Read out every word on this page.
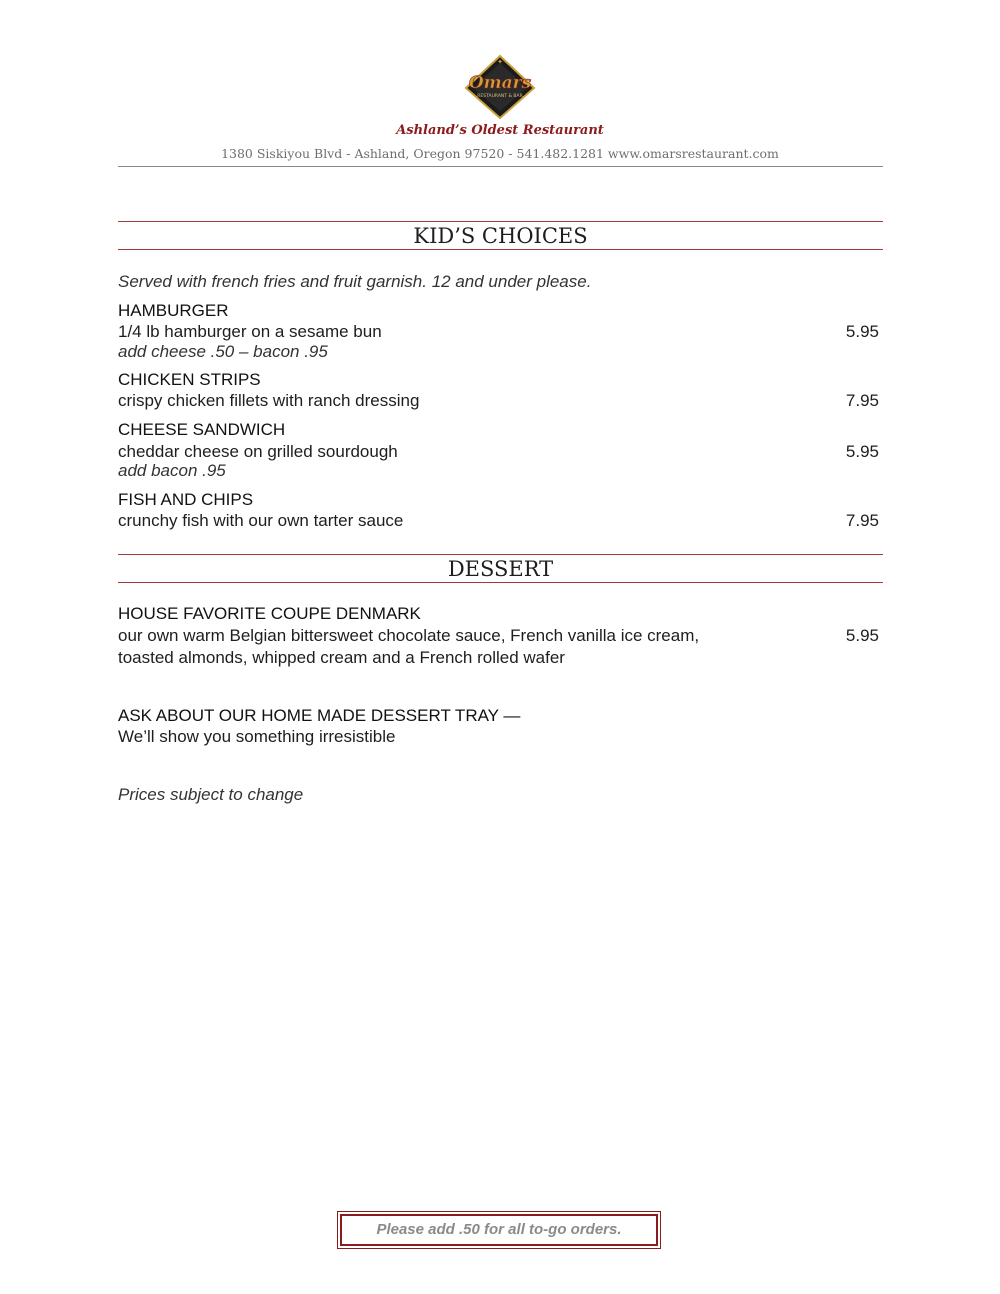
✦
Omars
RESTAURANT & BAR
Ashland’s Oldest Restaurant
1380 Siskiyou Blvd - Ashland, Oregon 97520 - 541.482.1281 www.omarsrestaurant.com
KID’S CHOICES
Served with french fries and fruit garnish. 12 and under please.
HAMBURGER
1/4 lb hamburger on a sesame bun	5.95
add cheese .50 – bacon .95
CHICKEN STRIPS
crispy chicken fillets with ranch dressing	7.95
CHEESE SANDWICH
cheddar cheese on grilled sourdough	5.95
add bacon .95
FISH AND CHIPS
crunchy fish with our own tarter sauce	7.95
DESSERT
HOUSE FAVORITE COUPE DENMARK
our own warm Belgian bittersweet chocolate sauce, French vanilla ice cream,	5.95
toasted almonds, whipped cream and a French rolled wafer
ASK ABOUT OUR HOME MADE DESSERT TRAY —
We’ll show you something irresistible
Prices subject to change
Please add .50 for all to-go orders.
